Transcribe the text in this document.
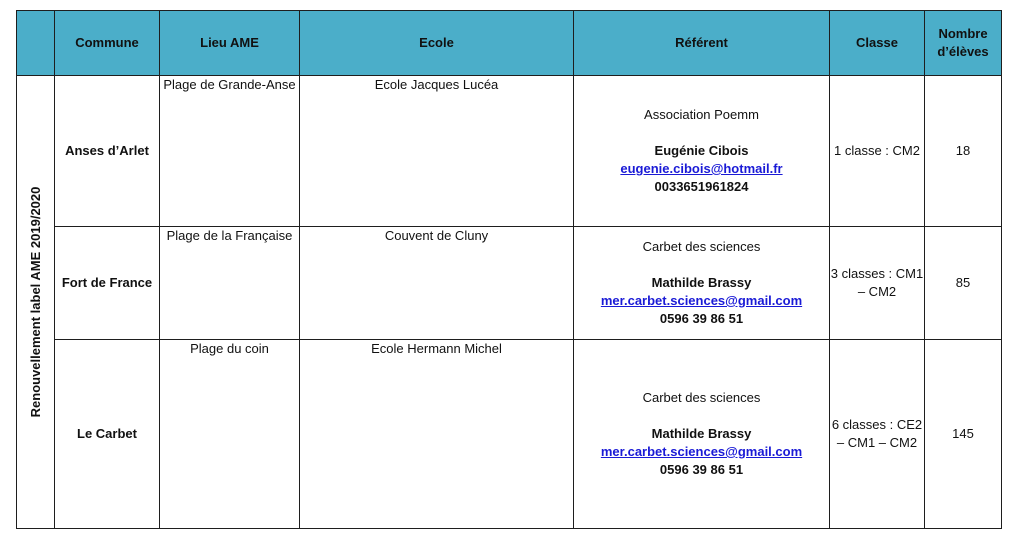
	Commune	Lieu AME	Ecole	Référent	Classe	Nombre
d’élèves

Renouvellement label AME 2019/2020	Anses d’Arlet	Plage de Grande-Anse	Ecole Jacques Lucéa	Association Poemm
Eugénie Cibois
eugenie.cibois@hotmail.fr
0033651961824	1 classe : CM2	18
	Fort de France	Plage de la Française	Couvent de Cluny	Carbet des sciences
Mathilde Brassy
mer.carbet.sciences@gmail.com
0596 39 86 51	3 classes : CM1 – CM2	85
	Le Carbet	Plage du coin	Ecole Hermann Michel	Carbet des sciences
Mathilde Brassy
mer.carbet.sciences@gmail.com
0596 39 86 51	6 classes : CE2 – CM1 – CM2	145
